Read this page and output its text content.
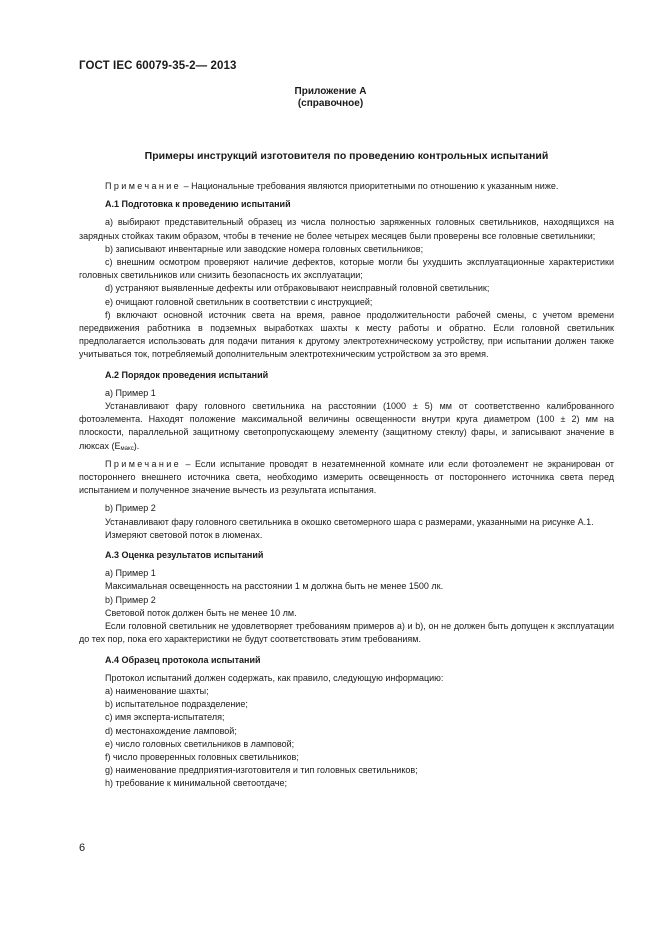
ГОСТ IEC 60079-35-2— 2013
Приложение А
(справочное)
Примеры инструкций изготовителя по проведению контрольных испытаний

Примечание – Национальные требования являются приоритетными по отношению к указанным ниже.

А.1 Подготовка к проведению испытаний

а) выбирают представительный образец из числа полностью заряженных головных светильников, находящихся на зарядных стойках таким образом, чтобы в течение не более четырех месяцев были проверены все головные светильники;

b) записывают инвентарные или заводские номера головных светильников;

с) внешним осмотром проверяют наличие дефектов, которые могли бы ухудшить эксплуатационные характеристики головных светильников или снизить безопасность их эксплуатации;

d) устраняют выявленные дефекты или отбраковывают неисправный головной светильник;

е) очищают головной светильник в соответствии с инструкцией;

f) включают основной источник света на время, равное продолжительности рабочей смены, с учетом времени передвижения работника в подземных выработках шахты к месту работы и обратно. Если головной светильник предполагается использовать для подачи питания к другому электротехническому устройству, при испытании должен также учитываться ток, потребляемый дополнительным электротехническим устройством за это время.

А.2 Порядок проведения испытаний

а) Пример 1

Устанавливают фару головного светильника на расстоянии (1000 ± 5) мм от соответственно калиброванного фотоэлемента. Находят положение максимальной величины освещенности внутри круга диаметром (100 ± 2) мм на плоскости, параллельной защитному светопропускающему элементу (защитному стеклу) фары, и записывают значение в люксах $(Е_{макс})$.

Примечание – Если испытание проводят в незатемненной комнате или если фотоэлемент не экранирован от постороннего внешнего источника света, необходимо измерить освещенность от постороннего источника света перед испытанием и полученное значение вычесть из результата испытания.

b) Пример 2

Устанавливают фару головного светильника в окошко светомерного шара с размерами, указанными на рисунке А.1.

Измеряют световой поток в люменах.

А.3 Оценка результатов испытаний

а) Пример 1

Максимальная освещенность на расстоянии 1 м должна быть не менее 1500 лк.

b) Пример 2

Световой поток должен быть не менее 10 лм.

Если головной светильник не удовлетворяет требованиям примеров а) и b), он не должен быть допущен к эксплуатации до тех пор, пока его характеристики не будут соответствовать этим требованиям.

А.4 Образец протокола испытаний

Протокол испытаний должен содержать, как правило, следующую информацию:

а) наименование шахты;

b) испытательное подразделение;

с) имя эксперта-испытателя;

d) местонахождение ламповой;

е) число головных светильников в ламповой;

f) число проверенных головных светильников;

g) наименование предприятия-изготовителя и тип головных светильников;

h) требование к минимальной светоотдаче;

6
